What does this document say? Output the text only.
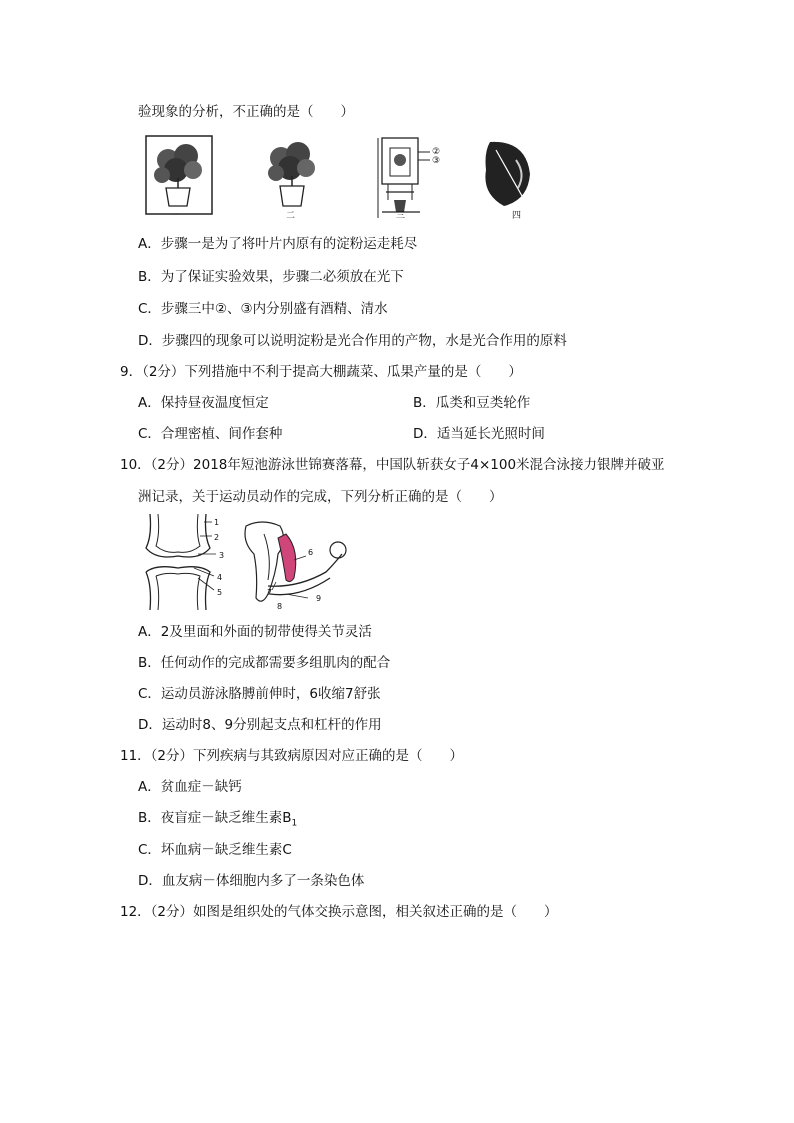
验现象的分析，不正确的是（　　）
一	二	三	四
②
③
A．步骤一是为了将叶片内原有的淀粉运走耗尽
B．为了保证实验效果，步骤二必须放在光下
C．步骤三中②、③内分别盛有酒精、清水
D．步骤四的现象可以说明淀粉是光合作用的产物，水是光合作用的原料
9．（2分）下列措施中不利于提高大棚蔬菜、瓜果产量的是（　　）
A．保持昼夜温度恒定	B．瓜类和豆类轮作
C．合理密植、间作套种	D．适当延长光照时间
10．（2分）2018年短池游泳世锦赛落幕，中国队斩获女子4×100米混合泳接力银牌并破亚
洲记录，关于运动员动作的完成，下列分析正确的是（　　）
1
2
3
4
5
6
7
8
9
A．2及里面和外面的韧带使得关节灵活
B．任何动作的完成都需要多组肌肉的配合
C．运动员游泳胳膊前伸时，6收缩7舒张
D．运动时8、9分别起支点和杠杆的作用
11．（2分）下列疾病与其致病原因对应正确的是（　　）
A．贫血症－缺钙
B．夜盲症－缺乏维生素$B_1$
C．坏血病－缺乏维生素C
D．血友病－体细胞内多了一条染色体
12．（2分）如图是组织处的气体交换示意图，相关叙述正确的是（　　）
